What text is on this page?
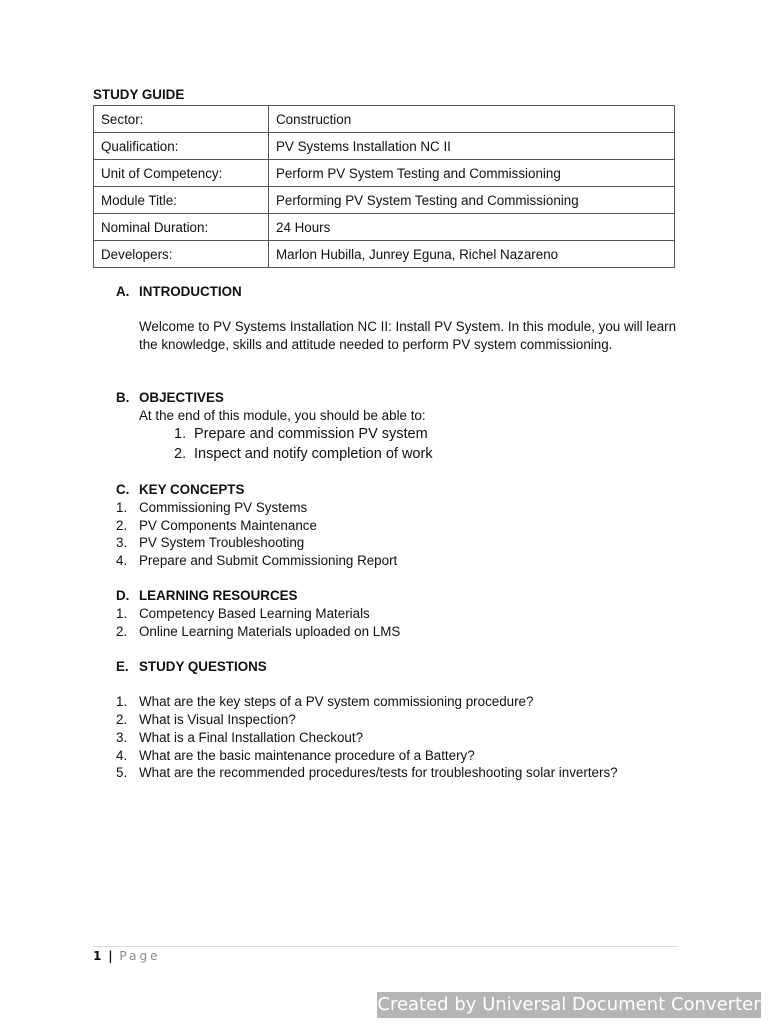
STUDY GUIDE
Sector:	Construction
Qualification:	PV Systems Installation NC II
Unit of Competency:	Perform PV System Testing and Commissioning
Module Title:	Performing PV System Testing and Commissioning
Nominal Duration:	24 Hours
Developers:	Marlon Hubilla, Junrey Eguna, Richel Nazareno
A. INTRODUCTION
Welcome to PV Systems Installation NC II: Install PV System. In this module, you will learn the knowledge, skills and attitude needed to perform PV system commissioning.
B. OBJECTIVES
At the end of this module, you should be able to:
1. Prepare and commission PV system
2. Inspect and notify completion of work
C. KEY CONCEPTS
1. Commissioning PV Systems
2. PV Components Maintenance
3. PV System Troubleshooting
4. Prepare and Submit Commissioning Report
D. LEARNING RESOURCES
1. Competency Based Learning Materials
2. Online Learning Materials uploaded on LMS
E. STUDY QUESTIONS
1. What are the key steps of a PV system commissioning procedure?
2. What is Visual Inspection?
3. What is a Final Installation Checkout?
4. What are the basic maintenance procedure of a Battery?
5. What are the recommended procedures/tests for troubleshooting solar inverters?
1 | Page
Created by Universal Document Converter
